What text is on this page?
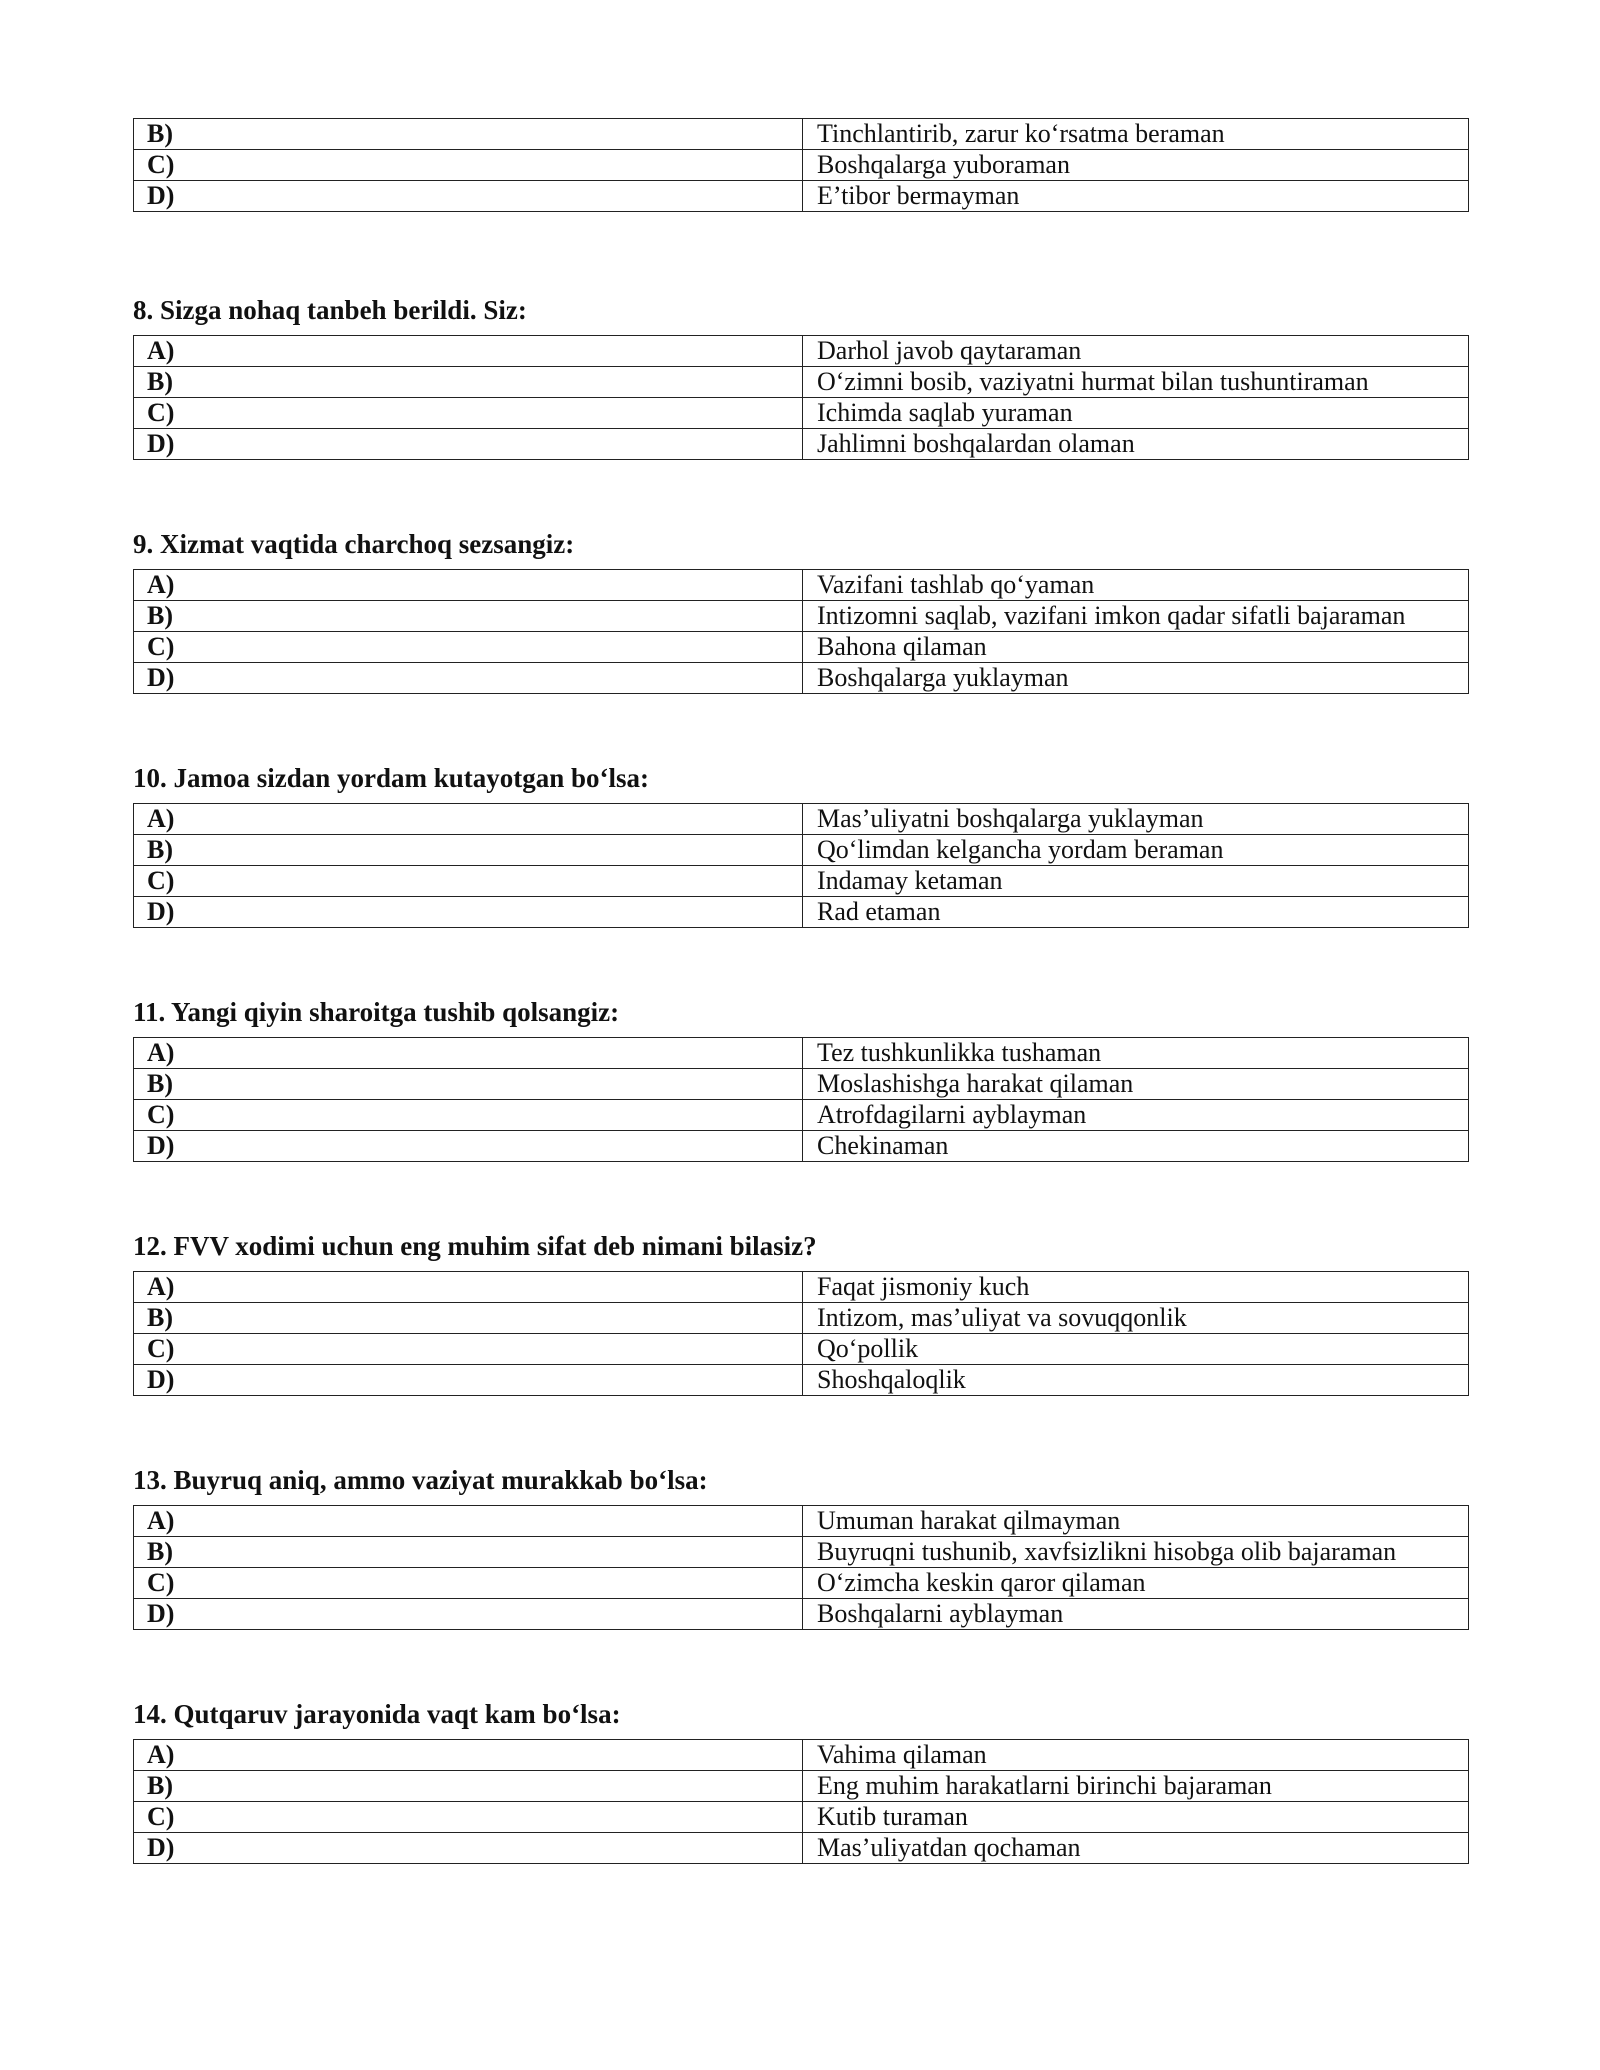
B)	Tinchlantirib, zarur ko‘rsatma beraman
C)	Boshqalarga yuboraman
D)	E’tibor bermayman
8. Sizga nohaq tanbeh berildi. Siz:
A)	Darhol javob qaytaraman
B)	O‘zimni bosib, vaziyatni hurmat bilan tushuntiraman
C)	Ichimda saqlab yuraman
D)	Jahlimni boshqalardan olaman
9. Xizmat vaqtida charchoq sezsangiz:
A)	Vazifani tashlab qo‘yaman
B)	Intizomni saqlab, vazifani imkon qadar sifatli bajaraman
C)	Bahona qilaman
D)	Boshqalarga yuklayman
10. Jamoa sizdan yordam kutayotgan bo‘lsa:
A)	Mas’uliyatni boshqalarga yuklayman
B)	Qo‘limdan kelgancha yordam beraman
C)	Indamay ketaman
D)	Rad etaman
11. Yangi qiyin sharoitga tushib qolsangiz:
A)	Tez tushkunlikka tushaman
B)	Moslashishga harakat qilaman
C)	Atrofdagilarni ayblayman
D)	Chekinaman
12. FVV xodimi uchun eng muhim sifat deb nimani bilasiz?
A)	Faqat jismoniy kuch
B)	Intizom, mas’uliyat va sovuqqonlik
C)	Qo‘pollik
D)	Shoshqaloqlik
13. Buyruq aniq, ammo vaziyat murakkab bo‘lsa:
A)	Umuman harakat qilmayman
B)	Buyruqni tushunib, xavfsizlikni hisobga olib bajaraman
C)	O‘zimcha keskin qaror qilaman
D)	Boshqalarni ayblayman
14. Qutqaruv jarayonida vaqt kam bo‘lsa:
A)	Vahima qilaman
B)	Eng muhim harakatlarni birinchi bajaraman
C)	Kutib turaman
D)	Mas’uliyatdan qochaman
